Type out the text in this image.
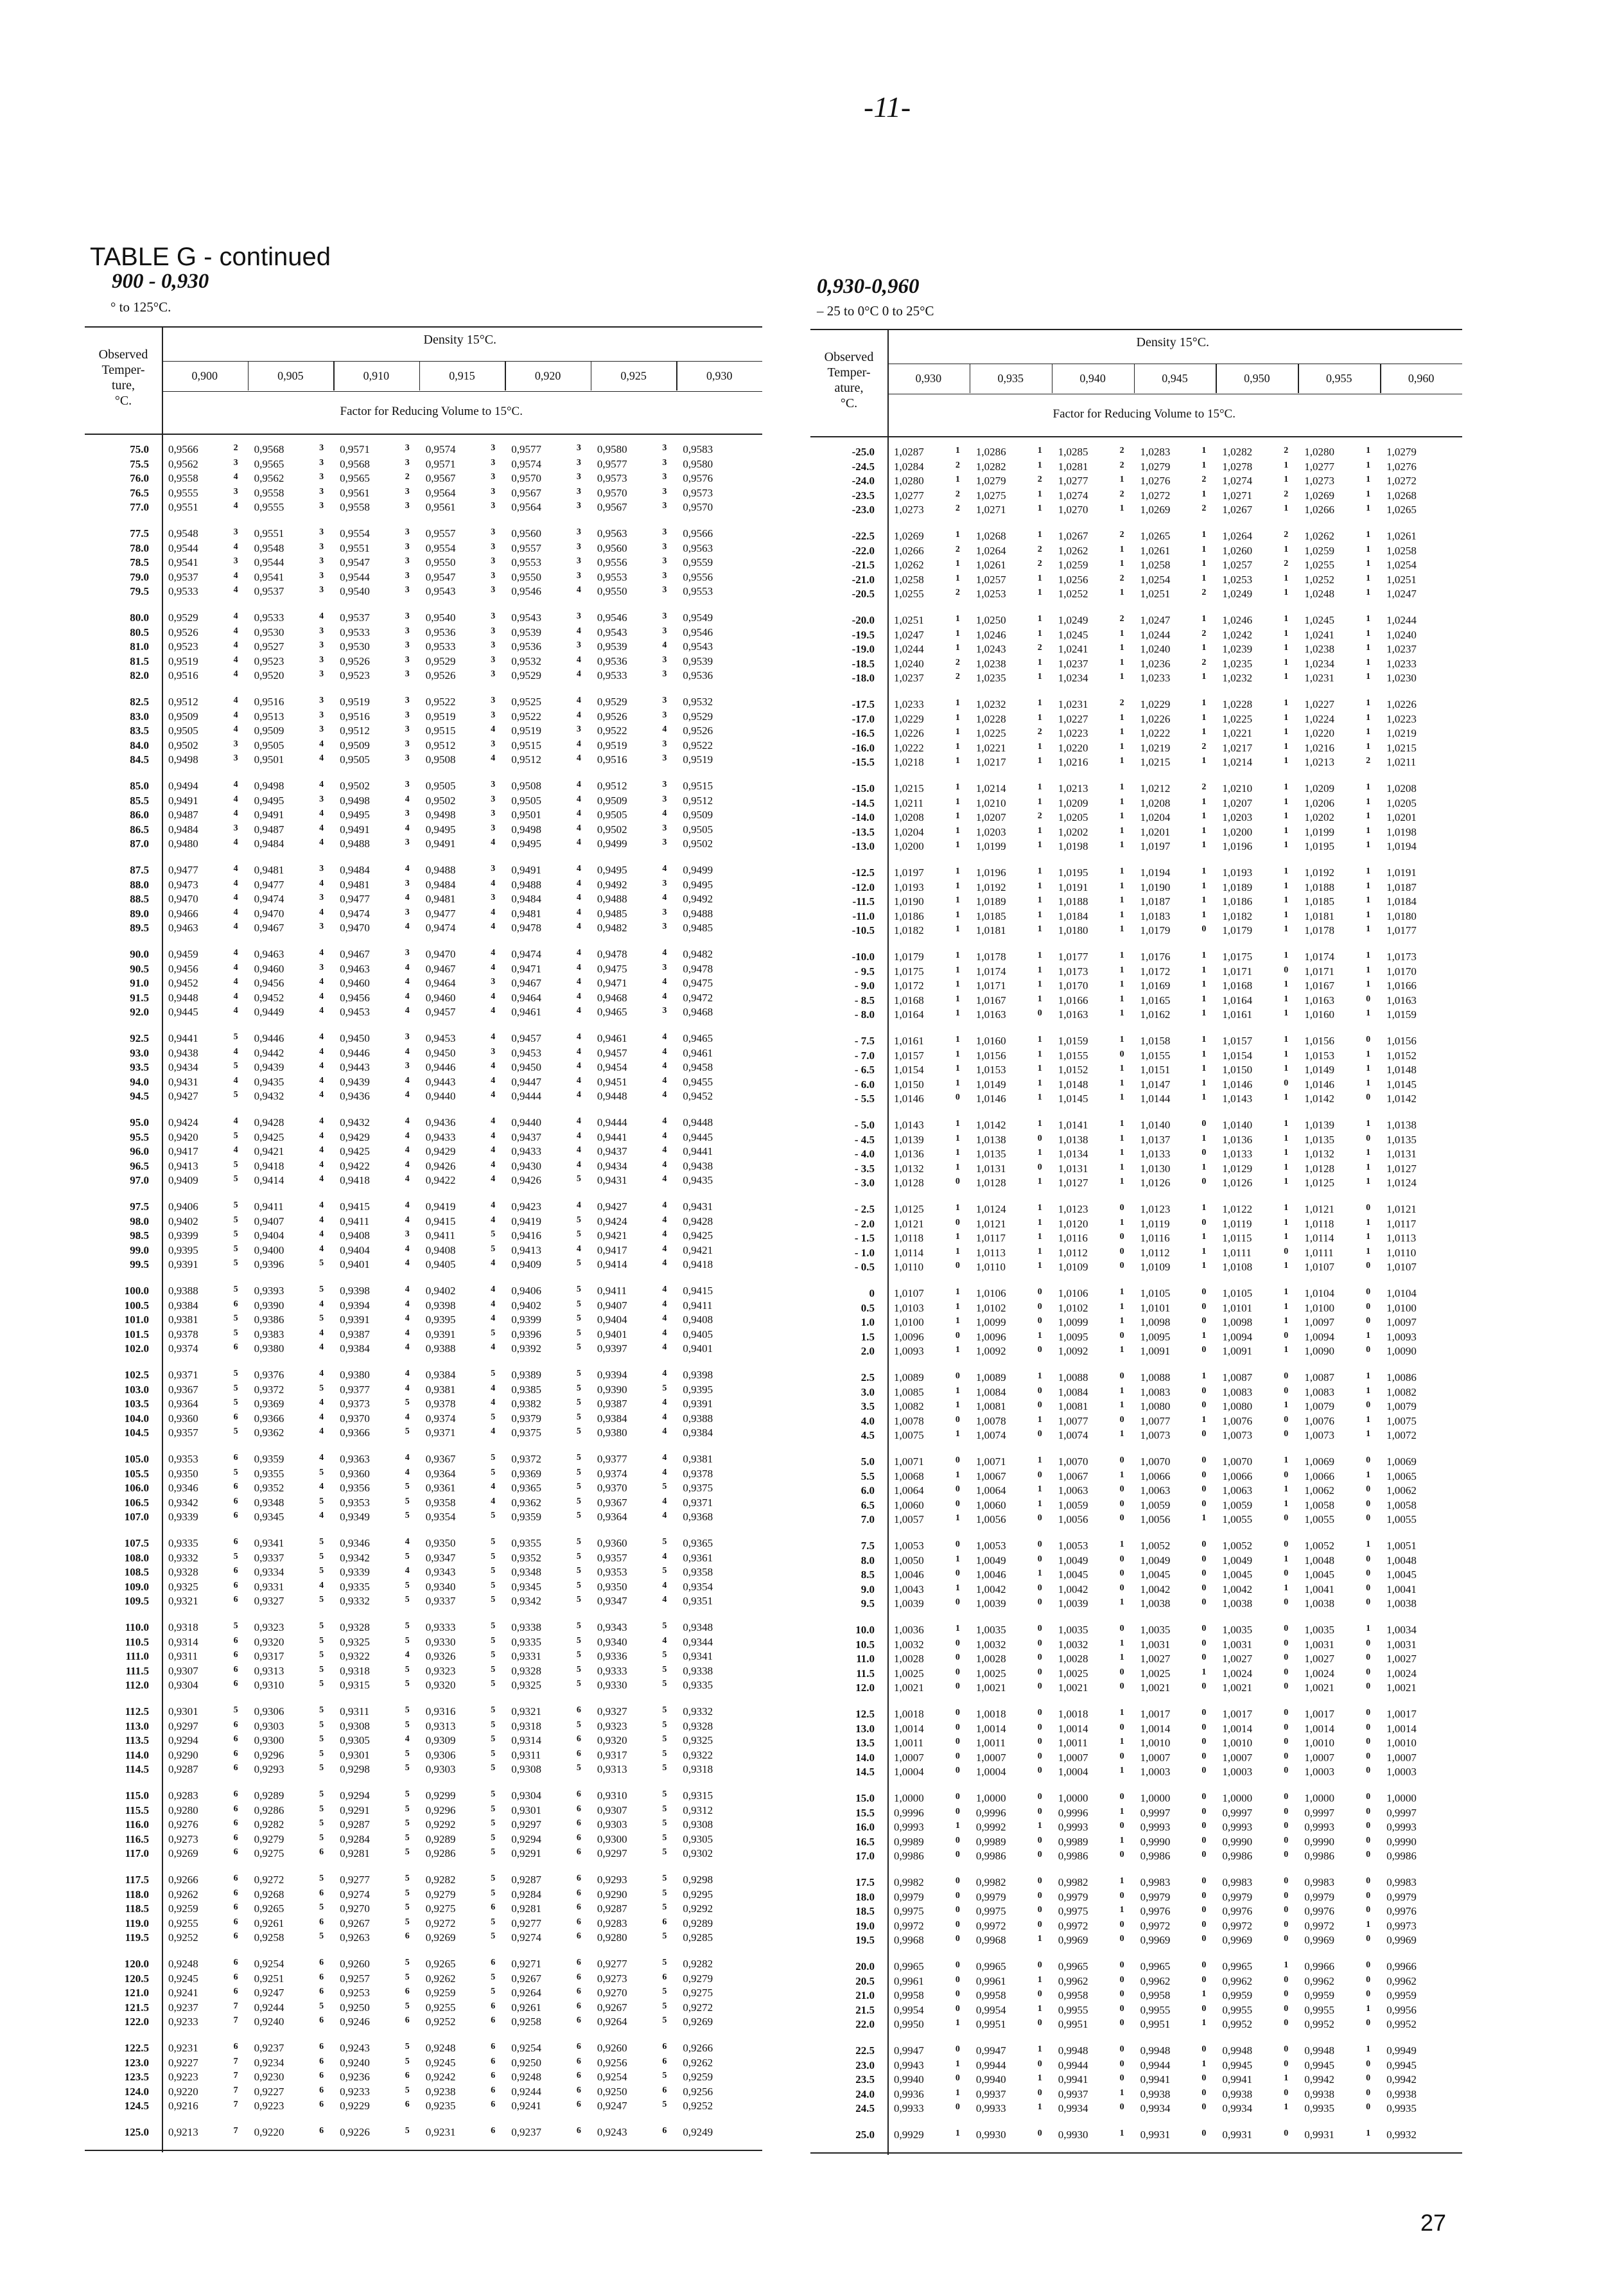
-11-
TABLE G - continued
900 - 0,930
° to 125°C.
0,930-0,960
– 25 to 0°C 0 to 25°C
Observed
Temper-
ture,
°C.
Density 15°C.
0,900	0,905	0,910	0,915	0,920	0,925	0,930
Factor for Reducing Volume to 15°C.
75.0 0,9566	2 0,9568	3 0,9571	3 0,9574	3 0,9577	3 0,9580	3 0,9583
75.5 0,9562	3 0,9565	3 0,9568	3 0,9571	3 0,9574	3 0,9577	3 0,9580
76.0 0,9558	4 0,9562	3 0,9565	2 0,9567	3 0,9570	3 0,9573	3 0,9576
76.5 0,9555	3 0,9558	3 0,9561	3 0,9564	3 0,9567	3 0,9570	3 0,9573
77.0 0,9551	4 0,9555	3 0,9558	3 0,9561	3 0,9564	3 0,9567	3 0,9570
77.5 0,9548	3 0,9551	3 0,9554	3 0,9557	3 0,9560	3 0,9563	3 0,9566
78.0 0,9544	4 0,9548	3 0,9551	3 0,9554	3 0,9557	3 0,9560	3 0,9563
78.5 0,9541	3 0,9544	3 0,9547	3 0,9550	3 0,9553	3 0,9556	3 0,9559
79.0 0,9537	4 0,9541	3 0,9544	3 0,9547	3 0,9550	3 0,9553	3 0,9556
79.5 0,9533	4 0,9537	3 0,9540	3 0,9543	3 0,9546	4 0,9550	3 0,9553
80.0 0,9529	4 0,9533	4 0,9537	3 0,9540	3 0,9543	3 0,9546	3 0,9549
80.5 0,9526	4 0,9530	3 0,9533	3 0,9536	3 0,9539	4 0,9543	3 0,9546
81.0 0,9523	4 0,9527	3 0,9530	3 0,9533	3 0,9536	3 0,9539	4 0,9543
81.5 0,9519	4 0,9523	3 0,9526	3 0,9529	3 0,9532	4 0,9536	3 0,9539
82.0 0,9516	4 0,9520	3 0,9523	3 0,9526	3 0,9529	4 0,9533	3 0,9536
82.5 0,9512	4 0,9516	3 0,9519	3 0,9522	3 0,9525	4 0,9529	3 0,9532
83.0 0,9509	4 0,9513	3 0,9516	3 0,9519	3 0,9522	4 0,9526	3 0,9529
83.5 0,9505	4 0,9509	3 0,9512	3 0,9515	4 0,9519	3 0,9522	4 0,9526
84.0 0,9502	3 0,9505	4 0,9509	3 0,9512	3 0,9515	4 0,9519	3 0,9522
84.5 0,9498	3 0,9501	4 0,9505	3 0,9508	4 0,9512	4 0,9516	3 0,9519
85.0 0,9494	4 0,9498	4 0,9502	3 0,9505	3 0,9508	4 0,9512	3 0,9515
85.5 0,9491	4 0,9495	3 0,9498	4 0,9502	3 0,9505	4 0,9509	3 0,9512
86.0 0,9487	4 0,9491	4 0,9495	3 0,9498	3 0,9501	4 0,9505	4 0,9509
86.5 0,9484	3 0,9487	4 0,9491	4 0,9495	3 0,9498	4 0,9502	3 0,9505
87.0 0,9480	4 0,9484	4 0,9488	3 0,9491	4 0,9495	4 0,9499	3 0,9502
87.5 0,9477	4 0,9481	3 0,9484	4 0,9488	3 0,9491	4 0,9495	4 0,9499
88.0 0,9473	4 0,9477	4 0,9481	3 0,9484	4 0,9488	4 0,9492	3 0,9495
88.5 0,9470	4 0,9474	3 0,9477	4 0,9481	3 0,9484	4 0,9488	4 0,9492
89.0 0,9466	4 0,9470	4 0,9474	3 0,9477	4 0,9481	4 0,9485	3 0,9488
89.5 0,9463	4 0,9467	3 0,9470	4 0,9474	4 0,9478	4 0,9482	3 0,9485
90.0 0,9459	4 0,9463	4 0,9467	3 0,9470	4 0,9474	4 0,9478	4 0,9482
90.5 0,9456	4 0,9460	3 0,9463	4 0,9467	4 0,9471	4 0,9475	3 0,9478
91.0 0,9452	4 0,9456	4 0,9460	4 0,9464	3 0,9467	4 0,9471	4 0,9475
91.5 0,9448	4 0,9452	4 0,9456	4 0,9460	4 0,9464	4 0,9468	4 0,9472
92.0 0,9445	4 0,9449	4 0,9453	4 0,9457	4 0,9461	4 0,9465	3 0,9468
92.5 0,9441	5 0,9446	4 0,9450	3 0,9453	4 0,9457	4 0,9461	4 0,9465
93.0 0,9438	4 0,9442	4 0,9446	4 0,9450	3 0,9453	4 0,9457	4 0,9461
93.5 0,9434	5 0,9439	4 0,9443	3 0,9446	4 0,9450	4 0,9454	4 0,9458
94.0 0,9431	4 0,9435	4 0,9439	4 0,9443	4 0,9447	4 0,9451	4 0,9455
94.5 0,9427	5 0,9432	4 0,9436	4 0,9440	4 0,9444	4 0,9448	4 0,9452
95.0 0,9424	4 0,9428	4 0,9432	4 0,9436	4 0,9440	4 0,9444	4 0,9448
95.5 0,9420	5 0,9425	4 0,9429	4 0,9433	4 0,9437	4 0,9441	4 0,9445
96.0 0,9417	4 0,9421	4 0,9425	4 0,9429	4 0,9433	4 0,9437	4 0,9441
96.5 0,9413	5 0,9418	4 0,9422	4 0,9426	4 0,9430	4 0,9434	4 0,9438
97.0 0,9409	5 0,9414	4 0,9418	4 0,9422	4 0,9426	5 0,9431	4 0,9435
97.5 0,9406	5 0,9411	4 0,9415	4 0,9419	4 0,9423	4 0,9427	4 0,9431
98.0 0,9402	5 0,9407	4 0,9411	4 0,9415	4 0,9419	5 0,9424	4 0,9428
98.5 0,9399	5 0,9404	4 0,9408	3 0,9411	5 0,9416	5 0,9421	4 0,9425
99.0 0,9395	5 0,9400	4 0,9404	4 0,9408	5 0,9413	4 0,9417	4 0,9421
99.5 0,9391	5 0,9396	5 0,9401	4 0,9405	4 0,9409	5 0,9414	4 0,9418
100.0 0,9388	5 0,9393	5 0,9398	4 0,9402	4 0,9406	5 0,9411	4 0,9415
100.5 0,9384	6 0,9390	4 0,9394	4 0,9398	4 0,9402	5 0,9407	4 0,9411
101.0 0,9381	5 0,9386	5 0,9391	4 0,9395	4 0,9399	5 0,9404	4 0,9408
101.5 0,9378	5 0,9383	4 0,9387	4 0,9391	5 0,9396	5 0,9401	4 0,9405
102.0 0,9374	6 0,9380	4 0,9384	4 0,9388	4 0,9392	5 0,9397	4 0,9401
102.5 0,9371	5 0,9376	4 0,9380	4 0,9384	5 0,9389	5 0,9394	4 0,9398
103.0 0,9367	5 0,9372	5 0,9377	4 0,9381	4 0,9385	5 0,9390	5 0,9395
103.5 0,9364	5 0,9369	4 0,9373	5 0,9378	4 0,9382	5 0,9387	4 0,9391
104.0 0,9360	6 0,9366	4 0,9370	4 0,9374	5 0,9379	5 0,9384	4 0,9388
104.5 0,9357	5 0,9362	4 0,9366	5 0,9371	4 0,9375	5 0,9380	4 0,9384
105.0 0,9353	6 0,9359	4 0,9363	4 0,9367	5 0,9372	5 0,9377	4 0,9381
105.5 0,9350	5 0,9355	5 0,9360	4 0,9364	5 0,9369	5 0,9374	4 0,9378
106.0 0,9346	6 0,9352	4 0,9356	5 0,9361	4 0,9365	5 0,9370	5 0,9375
106.5 0,9342	6 0,9348	5 0,9353	5 0,9358	4 0,9362	5 0,9367	4 0,9371
107.0 0,9339	6 0,9345	4 0,9349	5 0,9354	5 0,9359	5 0,9364	4 0,9368
107.5 0,9335	6 0,9341	5 0,9346	4 0,9350	5 0,9355	5 0,9360	5 0,9365
108.0 0,9332	5 0,9337	5 0,9342	5 0,9347	5 0,9352	5 0,9357	4 0,9361
108.5 0,9328	6 0,9334	5 0,9339	4 0,9343	5 0,9348	5 0,9353	5 0,9358
109.0 0,9325	6 0,9331	4 0,9335	5 0,9340	5 0,9345	5 0,9350	4 0,9354
109.5 0,9321	6 0,9327	5 0,9332	5 0,9337	5 0,9342	5 0,9347	4 0,9351
110.0 0,9318	5 0,9323	5 0,9328	5 0,9333	5 0,9338	5 0,9343	5 0,9348
110.5 0,9314	6 0,9320	5 0,9325	5 0,9330	5 0,9335	5 0,9340	4 0,9344
111.0 0,9311	6 0,9317	5 0,9322	4 0,9326	5 0,9331	5 0,9336	5 0,9341
111.5 0,9307	6 0,9313	5 0,9318	5 0,9323	5 0,9328	5 0,9333	5 0,9338
112.0 0,9304	6 0,9310	5 0,9315	5 0,9320	5 0,9325	5 0,9330	5 0,9335
112.5 0,9301	5 0,9306	5 0,9311	5 0,9316	5 0,9321	6 0,9327	5 0,9332
113.0 0,9297	6 0,9303	5 0,9308	5 0,9313	5 0,9318	5 0,9323	5 0,9328
113.5 0,9294	6 0,9300	5 0,9305	4 0,9309	5 0,9314	6 0,9320	5 0,9325
114.0 0,9290	6 0,9296	5 0,9301	5 0,9306	5 0,9311	6 0,9317	5 0,9322
114.5 0,9287	6 0,9293	5 0,9298	5 0,9303	5 0,9308	5 0,9313	5 0,9318
115.0 0,9283	6 0,9289	5 0,9294	5 0,9299	5 0,9304	6 0,9310	5 0,9315
115.5 0,9280	6 0,9286	5 0,9291	5 0,9296	5 0,9301	6 0,9307	5 0,9312
116.0 0,9276	6 0,9282	5 0,9287	5 0,9292	5 0,9297	6 0,9303	5 0,9308
116.5 0,9273	6 0,9279	5 0,9284	5 0,9289	5 0,9294	6 0,9300	5 0,9305
117.0 0,9269	6 0,9275	6 0,9281	5 0,9286	5 0,9291	6 0,9297	5 0,9302
117.5 0,9266	6 0,9272	5 0,9277	5 0,9282	5 0,9287	6 0,9293	5 0,9298
118.0 0,9262	6 0,9268	6 0,9274	5 0,9279	5 0,9284	6 0,9290	5 0,9295
118.5 0,9259	6 0,9265	5 0,9270	5 0,9275	6 0,9281	6 0,9287	5 0,9292
119.0 0,9255	6 0,9261	6 0,9267	5 0,9272	5 0,9277	6 0,9283	6 0,9289
119.5 0,9252	6 0,9258	5 0,9263	6 0,9269	5 0,9274	6 0,9280	5 0,9285
120.0 0,9248	6 0,9254	6 0,9260	5 0,9265	6 0,9271	6 0,9277	5 0,9282
120.5 0,9245	6 0,9251	6 0,9257	5 0,9262	5 0,9267	6 0,9273	6 0,9279
121.0 0,9241	6 0,9247	6 0,9253	6 0,9259	5 0,9264	6 0,9270	5 0,9275
121.5 0,9237	7 0,9244	5 0,9250	5 0,9255	6 0,9261	6 0,9267	5 0,9272
122.0 0,9233	7 0,9240	6 0,9246	6 0,9252	6 0,9258	6 0,9264	5 0,9269
122.5 0,9231	6 0,9237	6 0,9243	5 0,9248	6 0,9254	6 0,9260	6 0,9266
123.0 0,9227	7 0,9234	6 0,9240	5 0,9245	6 0,9250	6 0,9256	6 0,9262
123.5 0,9223	7 0,9230	6 0,9236	6 0,9242	6 0,9248	6 0,9254	5 0,9259
124.0 0,9220	7 0,9227	6 0,9233	5 0,9238	6 0,9244	6 0,9250	6 0,9256
124.5 0,9216	7 0,9223	6 0,9229	6 0,9235	6 0,9241	6 0,9247	5 0,9252
125.0 0,9213	7 0,9220	6 0,9226	5 0,9231	6 0,9237	6 0,9243	6 0,9249
Observed
Temper-
ature,
°C.
Density 15°C.
0,930	0,935	0,940	0,945	0,950	0,955	0,960
Factor for Reducing Volume to 15°C.
-25.0 1,0287	1 1,0286	1 1,0285	2 1,0283	1 1,0282	2 1,0280	1 1,0279
-24.5 1,0284	2 1,0282	1 1,0281	2 1,0279	1 1,0278	1 1,0277	1 1,0276
-24.0 1,0280	1 1,0279	2 1,0277	1 1,0276	2 1,0274	1 1,0273	1 1,0272
-23.5 1,0277	2 1,0275	1 1,0274	2 1,0272	1 1,0271	2 1,0269	1 1,0268
-23.0 1,0273	2 1,0271	1 1,0270	1 1,0269	2 1,0267	1 1,0266	1 1,0265
-22.5 1,0269	1 1,0268	1 1,0267	2 1,0265	1 1,0264	2 1,0262	1 1,0261
-22.0 1,0266	2 1,0264	2 1,0262	1 1,0261	1 1,0260	1 1,0259	1 1,0258
-21.5 1,0262	1 1,0261	2 1,0259	1 1,0258	1 1,0257	2 1,0255	1 1,0254
-21.0 1,0258	1 1,0257	1 1,0256	2 1,0254	1 1,0253	1 1,0252	1 1,0251
-20.5 1,0255	2 1,0253	1 1,0252	1 1,0251	2 1,0249	1 1,0248	1 1,0247
-20.0 1,0251	1 1,0250	1 1,0249	2 1,0247	1 1,0246	1 1,0245	1 1,0244
-19.5 1,0247	1 1,0246	1 1,0245	1 1,0244	2 1,0242	1 1,0241	1 1,0240
-19.0 1,0244	1 1,0243	2 1,0241	1 1,0240	1 1,0239	1 1,0238	1 1,0237
-18.5 1,0240	2 1,0238	1 1,0237	1 1,0236	2 1,0235	1 1,0234	1 1,0233
-18.0 1,0237	2 1,0235	1 1,0234	1 1,0233	1 1,0232	1 1,0231	1 1,0230
-17.5 1,0233	1 1,0232	1 1,0231	2 1,0229	1 1,0228	1 1,0227	1 1,0226
-17.0 1,0229	1 1,0228	1 1,0227	1 1,0226	1 1,0225	1 1,0224	1 1,0223
-16.5 1,0226	1 1,0225	2 1,0223	1 1,0222	1 1,0221	1 1,0220	1 1,0219
-16.0 1,0222	1 1,0221	1 1,0220	1 1,0219	2 1,0217	1 1,0216	1 1,0215
-15.5 1,0218	1 1,0217	1 1,0216	1 1,0215	1 1,0214	1 1,0213	2 1,0211
-15.0 1,0215	1 1,0214	1 1,0213	1 1,0212	2 1,0210	1 1,0209	1 1,0208
-14.5 1,0211	1 1,0210	1 1,0209	1 1,0208	1 1,0207	1 1,0206	1 1,0205
-14.0 1,0208	1 1,0207	2 1,0205	1 1,0204	1 1,0203	1 1,0202	1 1,0201
-13.5 1,0204	1 1,0203	1 1,0202	1 1,0201	1 1,0200	1 1,0199	1 1,0198
-13.0 1,0200	1 1,0199	1 1,0198	1 1,0197	1 1,0196	1 1,0195	1 1,0194
-12.5 1,0197	1 1,0196	1 1,0195	1 1,0194	1 1,0193	1 1,0192	1 1,0191
-12.0 1,0193	1 1,0192	1 1,0191	1 1,0190	1 1,0189	1 1,0188	1 1,0187
-11.5 1,0190	1 1,0189	1 1,0188	1 1,0187	1 1,0186	1 1,0185	1 1,0184
-11.0 1,0186	1 1,0185	1 1,0184	1 1,0183	1 1,0182	1 1,0181	1 1,0180
-10.5 1,0182	1 1,0181	1 1,0180	1 1,0179	0 1,0179	1 1,0178	1 1,0177
-10.0 1,0179	1 1,0178	1 1,0177	1 1,0176	1 1,0175	1 1,0174	1 1,0173
- 9.5 1,0175	1 1,0174	1 1,0173	1 1,0172	1 1,0171	0 1,0171	1 1,0170
- 9.0 1,0172	1 1,0171	1 1,0170	1 1,0169	1 1,0168	1 1,0167	1 1,0166
- 8.5 1,0168	1 1,0167	1 1,0166	1 1,0165	1 1,0164	1 1,0163	0 1,0163
- 8.0 1,0164	1 1,0163	0 1,0163	1 1,0162	1 1,0161	1 1,0160	1 1,0159
- 7.5 1,0161	1 1,0160	1 1,0159	1 1,0158	1 1,0157	1 1,0156	0 1,0156
- 7.0 1,0157	1 1,0156	1 1,0155	0 1,0155	1 1,0154	1 1,0153	1 1,0152
- 6.5 1,0154	1 1,0153	1 1,0152	1 1,0151	1 1,0150	1 1,0149	1 1,0148
- 6.0 1,0150	1 1,0149	1 1,0148	1 1,0147	1 1,0146	0 1,0146	1 1,0145
- 5.5 1,0146	0 1,0146	1 1,0145	1 1,0144	1 1,0143	1 1,0142	0 1,0142
- 5.0 1,0143	1 1,0142	1 1,0141	1 1,0140	0 1,0140	1 1,0139	1 1,0138
- 4.5 1,0139	1 1,0138	0 1,0138	1 1,0137	1 1,0136	1 1,0135	0 1,0135
- 4.0 1,0136	1 1,0135	1 1,0134	1 1,0133	0 1,0133	1 1,0132	1 1,0131
- 3.5 1,0132	1 1,0131	0 1,0131	1 1,0130	1 1,0129	1 1,0128	1 1,0127
- 3.0 1,0128	0 1,0128	1 1,0127	1 1,0126	0 1,0126	1 1,0125	1 1,0124
- 2.5 1,0125	1 1,0124	1 1,0123	0 1,0123	1 1,0122	1 1,0121	0 1,0121
- 2.0 1,0121	0 1,0121	1 1,0120	1 1,0119	0 1,0119	1 1,0118	1 1,0117
- 1.5 1,0118	1 1,0117	1 1,0116	0 1,0116	1 1,0115	1 1,0114	1 1,0113
- 1.0 1,0114	1 1,0113	1 1,0112	0 1,0112	1 1,0111	0 1,0111	1 1,0110
- 0.5 1,0110	0 1,0110	1 1,0109	0 1,0109	1 1,0108	1 1,0107	0 1,0107
0 1,0107	1 1,0106	0 1,0106	1 1,0105	0 1,0105	1 1,0104	0 1,0104
0.5 1,0103	1 1,0102	0 1,0102	1 1,0101	0 1,0101	1 1,0100	0 1,0100
1.0 1,0100	1 1,0099	0 1,0099	1 1,0098	0 1,0098	1 1,0097	0 1,0097
1.5 1,0096	0 1,0096	1 1,0095	0 1,0095	1 1,0094	0 1,0094	1 1,0093
2.0 1,0093	1 1,0092	0 1,0092	1 1,0091	0 1,0091	1 1,0090	0 1,0090
2.5 1,0089	0 1,0089	1 1,0088	0 1,0088	1 1,0087	0 1,0087	1 1,0086
3.0 1,0085	1 1,0084	0 1,0084	1 1,0083	0 1,0083	0 1,0083	1 1,0082
3.5 1,0082	1 1,0081	0 1,0081	1 1,0080	0 1,0080	1 1,0079	0 1,0079
4.0 1,0078	0 1,0078	1 1,0077	0 1,0077	1 1,0076	0 1,0076	1 1,0075
4.5 1,0075	1 1,0074	0 1,0074	1 1,0073	0 1,0073	0 1,0073	1 1,0072
5.0 1,0071	0 1,0071	1 1,0070	0 1,0070	0 1,0070	1 1,0069	0 1,0069
5.5 1,0068	1 1,0067	0 1,0067	1 1,0066	0 1,0066	0 1,0066	1 1,0065
6.0 1,0064	0 1,0064	1 1,0063	0 1,0063	0 1,0063	1 1,0062	0 1,0062
6.5 1,0060	0 1,0060	1 1,0059	0 1,0059	0 1,0059	1 1,0058	0 1,0058
7.0 1,0057	1 1,0056	0 1,0056	0 1,0056	1 1,0055	0 1,0055	0 1,0055
7.5 1,0053	0 1,0053	0 1,0053	1 1,0052	0 1,0052	0 1,0052	1 1,0051
8.0 1,0050	1 1,0049	0 1,0049	0 1,0049	0 1,0049	1 1,0048	0 1,0048
8.5 1,0046	0 1,0046	1 1,0045	0 1,0045	0 1,0045	0 1,0045	0 1,0045
9.0 1,0043	1 1,0042	0 1,0042	0 1,0042	0 1,0042	1 1,0041	0 1,0041
9.5 1,0039	0 1,0039	0 1,0039	1 1,0038	0 1,0038	0 1,0038	0 1,0038
10.0 1,0036	1 1,0035	0 1,0035	0 1,0035	0 1,0035	0 1,0035	1 1,0034
10.5 1,0032	0 1,0032	0 1,0032	1 1,0031	0 1,0031	0 1,0031	0 1,0031
11.0 1,0028	0 1,0028	0 1,0028	1 1,0027	0 1,0027	0 1,0027	0 1,0027
11.5 1,0025	0 1,0025	0 1,0025	0 1,0025	1 1,0024	0 1,0024	0 1,0024
12.0 1,0021	0 1,0021	0 1,0021	0 1,0021	0 1,0021	0 1,0021	0 1,0021
12.5 1,0018	0 1,0018	0 1,0018	1 1,0017	0 1,0017	0 1,0017	0 1,0017
13.0 1,0014	0 1,0014	0 1,0014	0 1,0014	0 1,0014	0 1,0014	0 1,0014
13.5 1,0011	0 1,0011	0 1,0011	1 1,0010	0 1,0010	0 1,0010	0 1,0010
14.0 1,0007	0 1,0007	0 1,0007	0 1,0007	0 1,0007	0 1,0007	0 1,0007
14.5 1,0004	0 1,0004	0 1,0004	1 1,0003	0 1,0003	0 1,0003	0 1,0003
15.0 1,0000	0 1,0000	0 1,0000	0 1,0000	0 1,0000	0 1,0000	0 1,0000
15.5 0,9996	0 0,9996	0 0,9996	1 0,9997	0 0,9997	0 0,9997	0 0,9997
16.0 0,9993	1 0,9992	1 0,9993	0 0,9993	0 0,9993	0 0,9993	0 0,9993
16.5 0,9989	0 0,9989	0 0,9989	1 0,9990	0 0,9990	0 0,9990	0 0,9990
17.0 0,9986	0 0,9986	0 0,9986	0 0,9986	0 0,9986	0 0,9986	0 0,9986
17.5 0,9982	0 0,9982	0 0,9982	1 0,9983	0 0,9983	0 0,9983	0 0,9983
18.0 0,9979	0 0,9979	0 0,9979	0 0,9979	0 0,9979	0 0,9979	0 0,9979
18.5 0,9975	0 0,9975	0 0,9975	1 0,9976	0 0,9976	0 0,9976	0 0,9976
19.0 0,9972	0 0,9972	0 0,9972	0 0,9972	0 0,9972	0 0,9972	1 0,9973
19.5 0,9968	0 0,9968	1 0,9969	0 0,9969	0 0,9969	0 0,9969	0 0,9969
20.0 0,9965	0 0,9965	0 0,9965	0 0,9965	0 0,9965	1 0,9966	0 0,9966
20.5 0,9961	0 0,9961	1 0,9962	0 0,9962	0 0,9962	0 0,9962	0 0,9962
21.0 0,9958	0 0,9958	0 0,9958	0 0,9958	1 0,9959	0 0,9959	0 0,9959
21.5 0,9954	0 0,9954	1 0,9955	0 0,9955	0 0,9955	0 0,9955	1 0,9956
22.0 0,9950	1 0,9951	0 0,9951	0 0,9951	1 0,9952	0 0,9952	0 0,9952
22.5 0,9947	0 0,9947	1 0,9948	0 0,9948	0 0,9948	0 0,9948	1 0,9949
23.0 0,9943	1 0,9944	0 0,9944	0 0,9944	1 0,9945	0 0,9945	0 0,9945
23.5 0,9940	0 0,9940	1 0,9941	0 0,9941	0 0,9941	1 0,9942	0 0,9942
24.0 0,9936	1 0,9937	0 0,9937	1 0,9938	0 0,9938	0 0,9938	0 0,9938
24.5 0,9933	0 0,9933	1 0,9934	0 0,9934	0 0,9934	1 0,9935	0 0,9935
25.0 0,9929	1 0,9930	0 0,9930	1 0,9931	0 0,9931	0 0,9931	1 0,9932
27
